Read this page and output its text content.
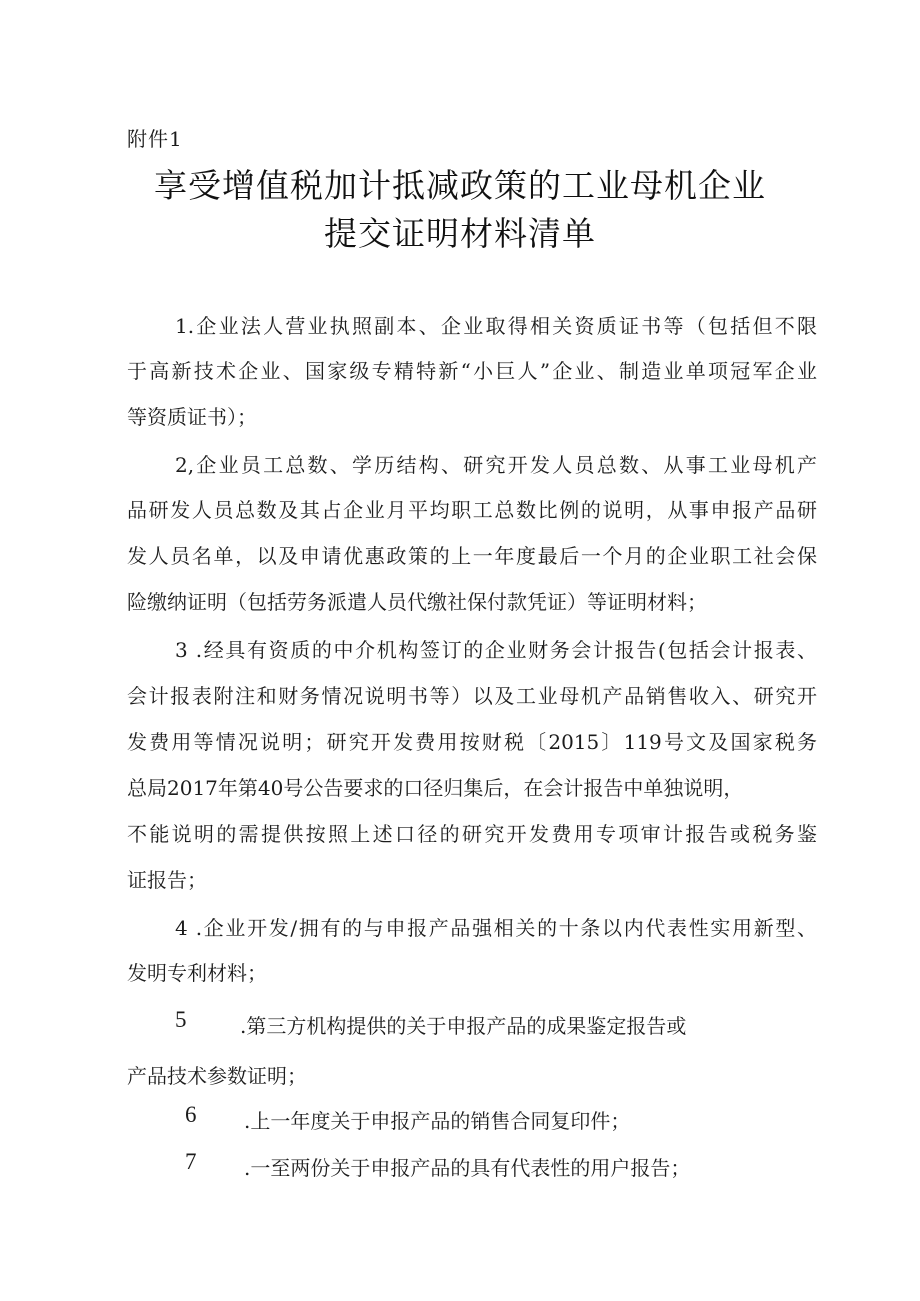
附件1
享受增值税加计抵减政策的工业母机企业
提交证明材料清单
1.企业法人营业执照副本、企业取得相关资质证书等（包括但不限
于高新技术企业、国家级专精特新“小巨人”企业、制造业单项冠军企业
等资质证书）；
2,企业员工总数、学历结构、研究开发人员总数、从事工业母机产
品研发人员总数及其占企业月平均职工总数比例的说明，从事申报产品研
发人员名单，以及申请优惠政策的上一年度最后一个月的企业职工社会保
险缴纳证明（包括劳务派遣人员代缴社保付款凭证）等证明材料；
3 .经具有资质的中介机构签订的企业财务会计报告(包括会计报表、
会计报表附注和财务情况说明书等）以及工业母机产品销售收入、研究开
发费用等情况说明；研究开发费用按财税〔2015〕119号文及国家税务
总局2017年第40号公告要求的口径归集后，在会计报告中单独说明，
不能说明的需提供按照上述口径的研究开发费用专项审计报告或税务鉴
证报告；
4 .企业开发/拥有的与申报产品强相关的十条以内代表性实用新型、
发明专利材料；
5	.第三方机构提供的关于申报产品的成果鉴定报告或
产品技术参数证明；
6 .上一年度关于申报产品的销售合同复印件；
7 .一至两份关于申报产品的具有代表性的用户报告；
